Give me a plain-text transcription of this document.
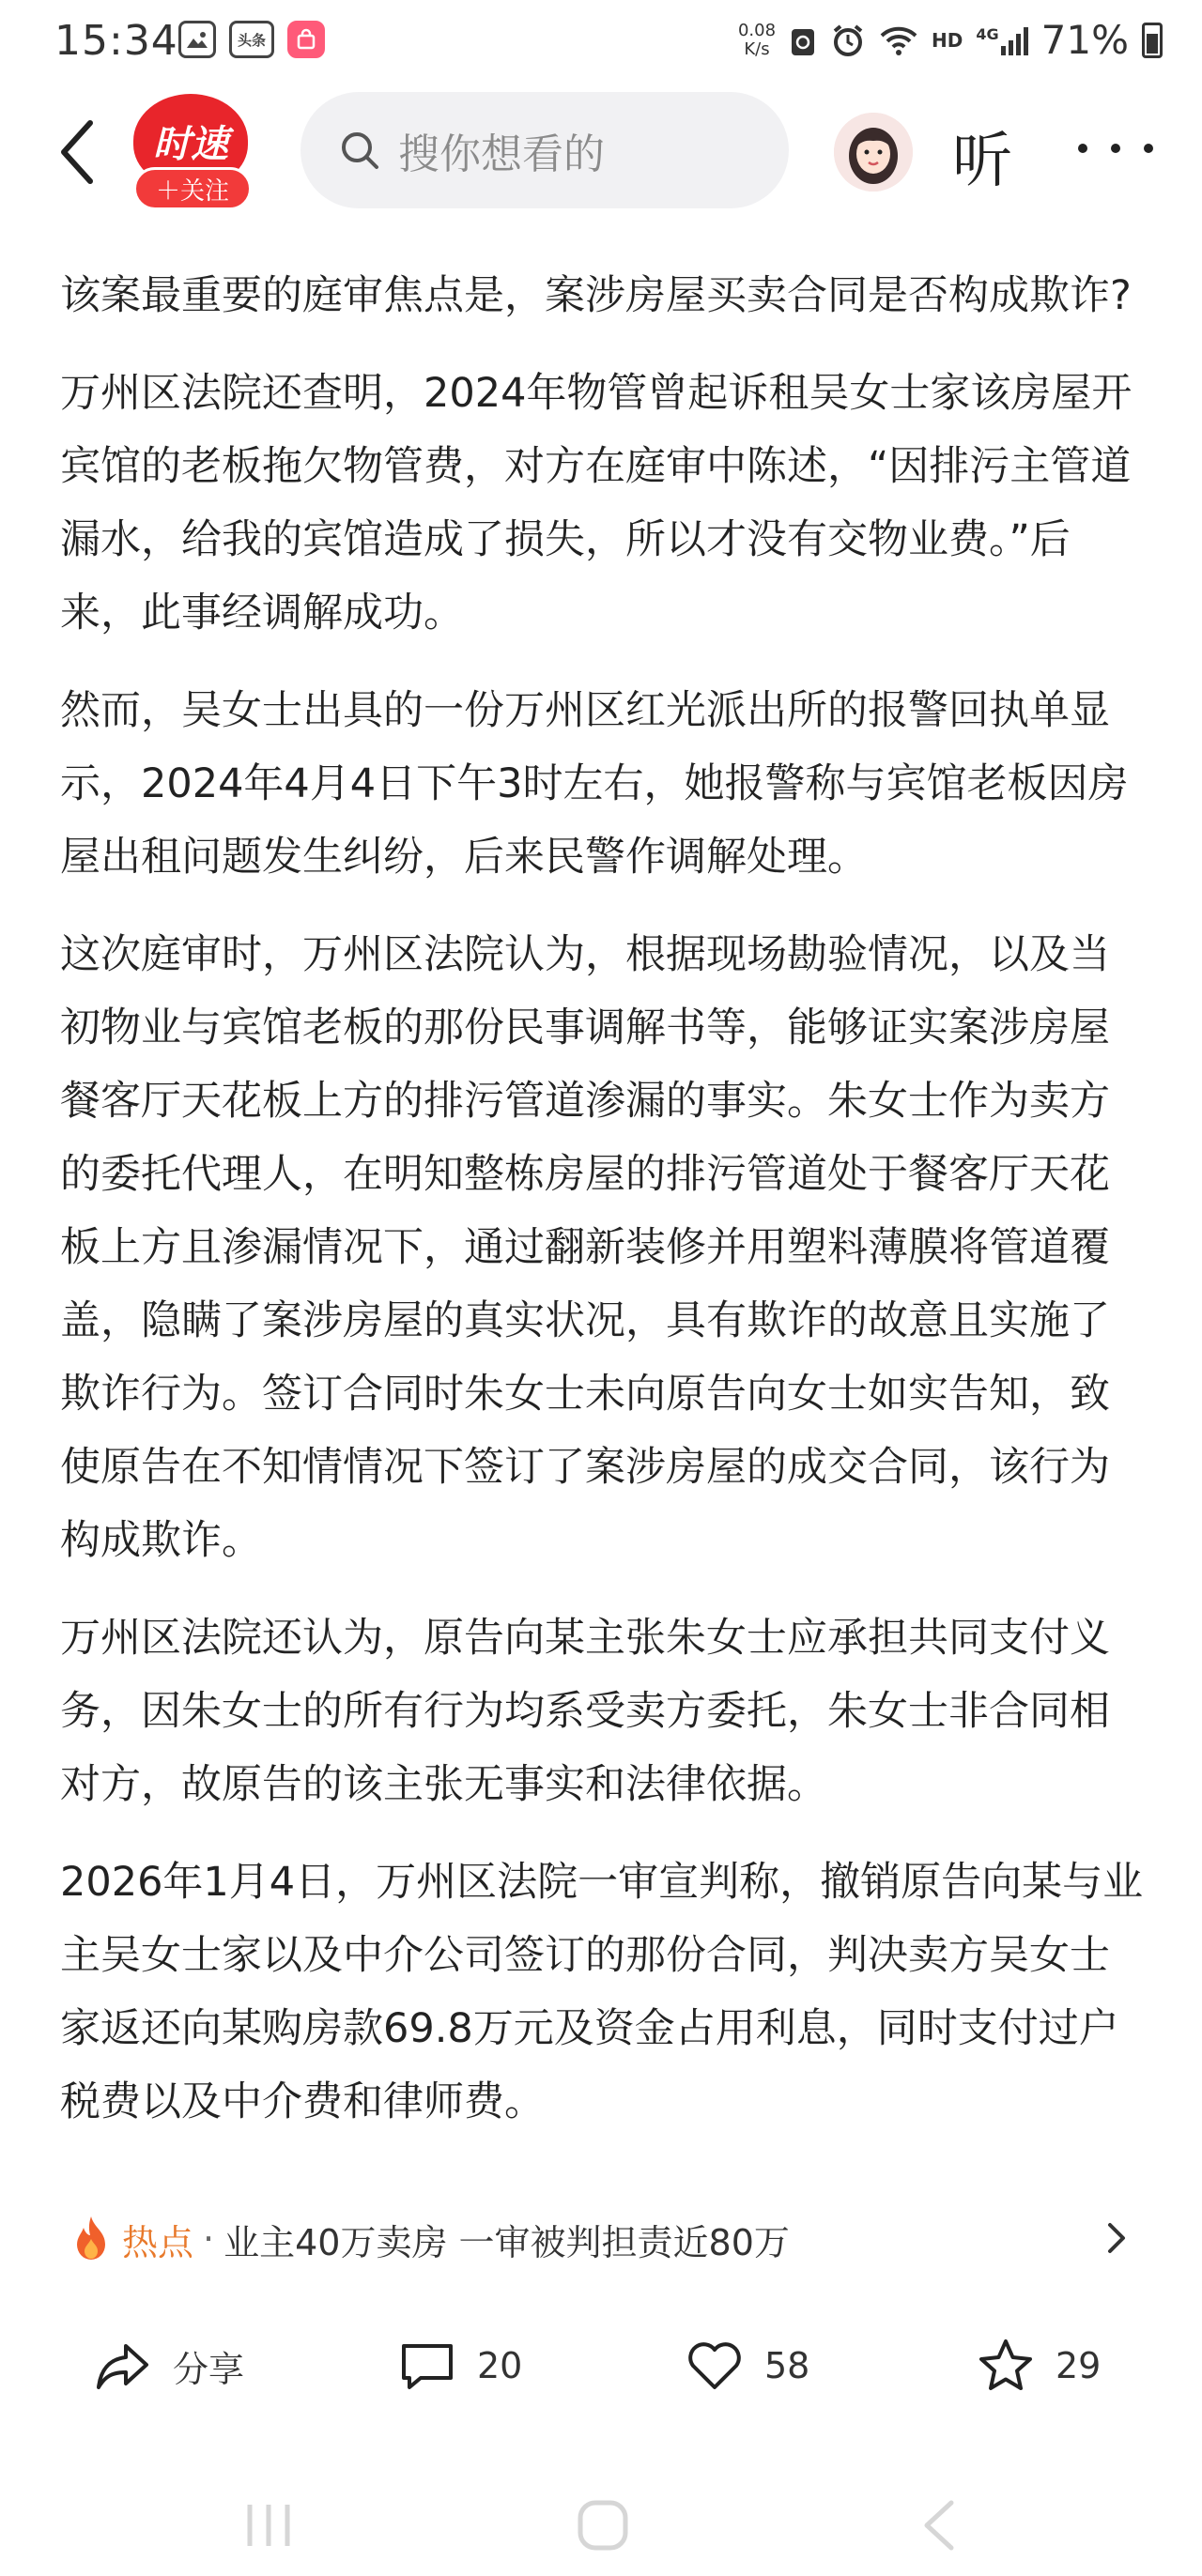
15:34	头条	0.08
K/s	HD 4G 71%
时速
＋关注
搜你想看的	听

该案最重要的庭审焦点是，案涉房屋买卖合同是否构成欺诈?

万州区法院还查明，2024年物管曾起诉租吴女士家该房屋开宾馆的老板拖欠物管费，对方在庭审中陈述，“因排污主管道漏水，给我的宾馆造成了损失，所以才没有交物业费。”后来，此事经调解成功。

然而，吴女士出具的一份万州区红光派出所的报警回执单显示，2024年4月4日下午3时左右，她报警称与宾馆老板因房屋出租问题发生纠纷，后来民警作调解处理。

这次庭审时，万州区法院认为，根据现场勘验情况，以及当初物业与宾馆老板的那份民事调解书等，能够证实案涉房屋餐客厅天花板上方的排污管道渗漏的事实。朱女士作为卖方的委托代理人，在明知整栋房屋的排污管道处于餐客厅天花板上方且渗漏情况下，通过翻新装修并用塑料薄膜将管道覆盖，隐瞒了案涉房屋的真实状况，具有欺诈的故意且实施了欺诈行为。签订合同时朱女士未向原告向女士如实告知，致使原告在不知情情况下签订了案涉房屋的成交合同，该行为构成欺诈。

万州区法院还认为，原告向某主张朱女士应承担共同支付义务，因朱女士的所有行为均系受卖方委托，朱女士非合同相对方，故原告的该主张无事实和法律依据。

2026年1月4日，万州区法院一审宣判称，撤销原告向某与业主吴女士家以及中介公司签订的那份合同，判决卖方吴女士家返还向某购房款69.8万元及资金占用利息，同时支付过户税费以及中介费和律师费。

热点 · 业主40万卖房 一审被判担责近80万
分享	20	58	29
